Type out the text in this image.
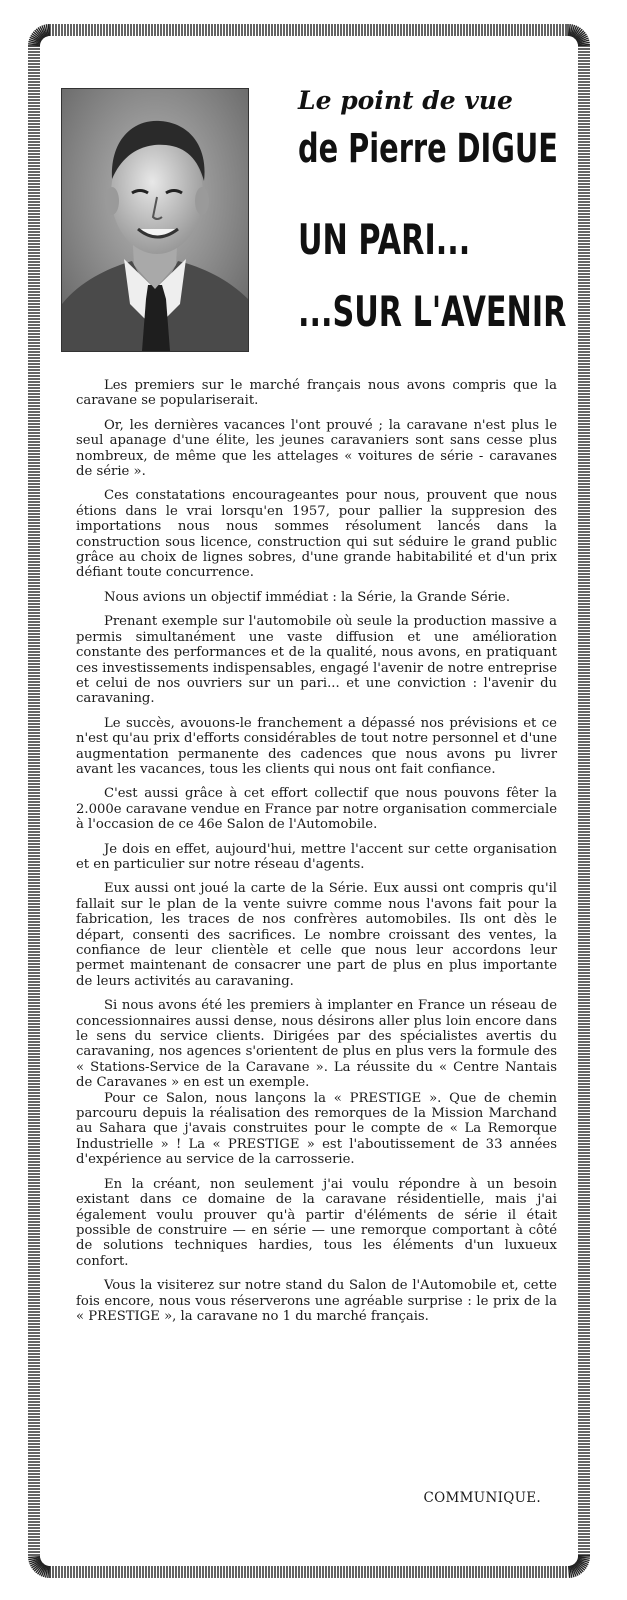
Le point de vue
de Pierre DIGUE
UN PARI...
...SUR L'AVENIR

Les premiers sur le marché français nous avons compris que la caravane se populariserait.

Or, les dernières vacances l'ont prouvé ; la caravane n'est plus le seul apanage d'une élite, les jeunes caravaniers sont sans cesse plus nombreux, de même que les attelages « voitures de série - caravanes de série ».

Ces constatations encourageantes pour nous, prouvent que nous étions dans le vrai lorsqu'en 1957, pour pallier la suppresion des importations nous nous sommes résolument lancés dans la construction sous licence, construction qui sut séduire le grand public grâce au choix de lignes sobres, d'une grande habitabilité et d'un prix défiant toute concurrence.

Nous avions un objectif immédiat : la Série, la Grande Série.

Prenant exemple sur l'automobile où seule la production massive a permis simultanément une vaste diffusion et une amélioration constante des performances et de la qualité, nous avons, en pratiquant ces investissements indispensables, engagé l'avenir de notre entreprise et celui de nos ouvriers sur un pari... et une conviction : l'avenir du caravaning.

Le succès, avouons-le franchement a dépassé nos prévisions et ce n'est qu'au prix d'efforts considérables de tout notre personnel et d'une augmentation permanente des cadences que nous avons pu livrer avant les vacances, tous les clients qui nous ont fait confiance.

C'est aussi grâce à cet effort collectif que nous pouvons fêter la 2.000e caravane vendue en France par notre organisation commerciale à l'occasion de ce 46e Salon de l'Automobile.

Je dois en effet, aujourd'hui, mettre l'accent sur cette organisation et en particulier sur notre réseau d'agents.

Eux aussi ont joué la carte de la Série. Eux aussi ont compris qu'il fallait sur le plan de la vente suivre comme nous l'avons fait pour la fabrication, les traces de nos confrères automobiles. Ils ont dès le départ, consenti des sacrifices. Le nombre croissant des ventes, la confiance de leur clientèle et celle que nous leur accordons leur permet maintenant de consacrer une part de plus en plus importante de leurs activités au caravaning.

Si nous avons été les premiers à implanter en France un réseau de concessionnaires aussi dense, nous désirons aller plus loin encore dans le sens du service clients. Dirigées par des spécialistes avertis du caravaning, nos agences s'orientent de plus en plus vers la formule des « Stations-Service de la Caravane ». La réussite du « Centre Nantais de Caravanes » en est un exemple.

Pour ce Salon, nous lançons la « PRESTIGE ». Que de chemin parcouru depuis la réalisation des remorques de la Mission Marchand au Sahara que j'avais construites pour le compte de « La Remorque Industrielle » ! La « PRESTIGE » est l'aboutissement de 33 années d'expérience au service de la carrosserie.

En la créant, non seulement j'ai voulu répondre à un besoin existant dans ce domaine de la caravane résidentielle, mais j'ai également voulu prouver qu'à partir d'éléments de série il était possible de construire — en série — une remorque comportant à côté de solutions techniques hardies, tous les éléments d'un luxueux confort.

Vous la visiterez sur notre stand du Salon de l'Automobile et, cette fois encore, nous vous réserverons une agréable surprise : le prix de la « PRESTIGE », la caravane no 1 du marché français.

COMMUNIQUE.
